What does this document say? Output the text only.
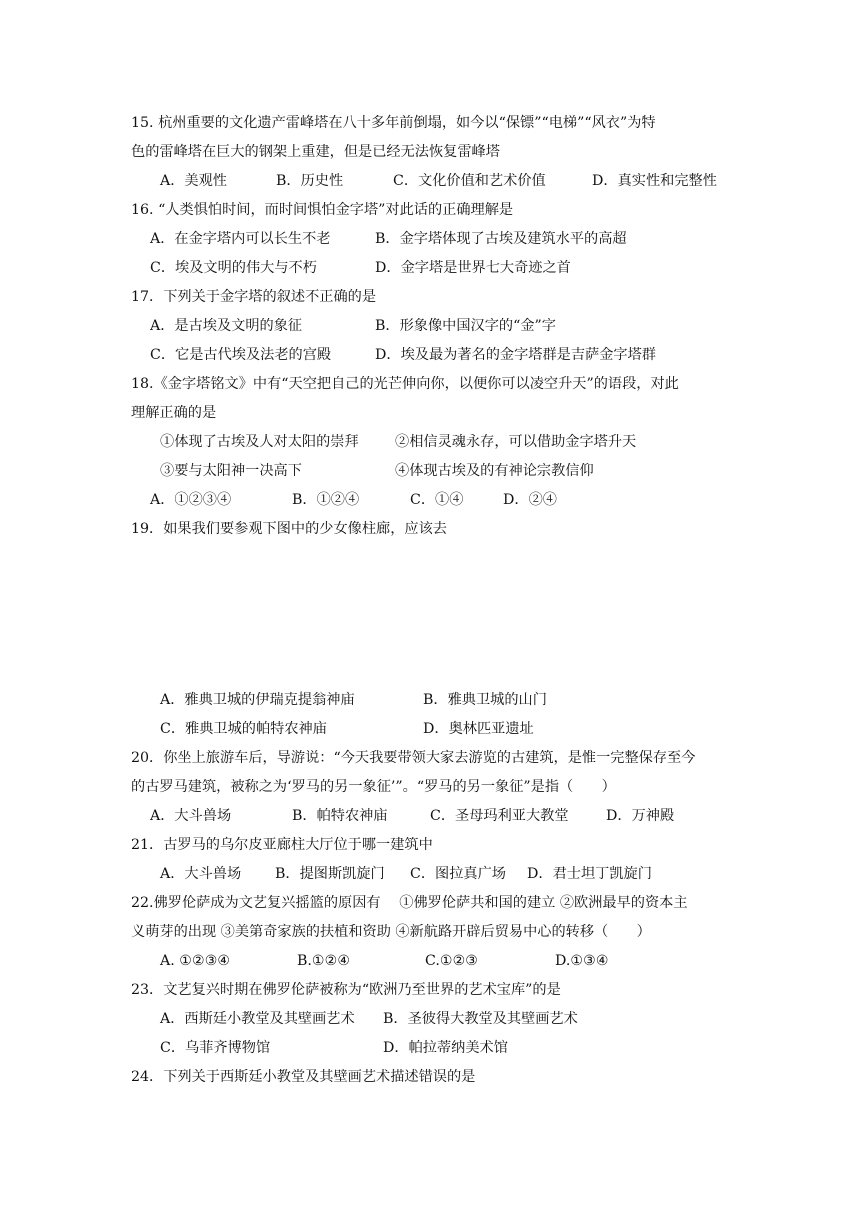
15. 杭州重要的文化遗产雷峰塔在八十多年前倒塌，如今以“保镖”“电梯”“风衣”为特
色的雷峰塔在巨大的钢架上重建，但是已经无法恢复雷峰塔
A．美观性	B．历史性	C．文化价值和艺术价值	D．真实性和完整性
16. “人类惧怕时间，而时间惧怕金字塔”对此话的正确理解是
A．在金字塔内可以长生不老	B．金字塔体现了古埃及建筑水平的高超
C．埃及文明的伟大与不朽	D．金字塔是世界七大奇迹之首
17．下列关于金字塔的叙述不正确的是
A．是古埃及文明的象征	B．形象像中国汉字的“金”字
C．它是古代埃及法老的宫殿	D．埃及最为著名的金字塔群是吉萨金字塔群
18.《金字塔铭文》中有“天空把自己的光芒伸向你，以便你可以凌空升天”的语段，对此
理解正确的是
①体现了古埃及人对太阳的崇拜	②相信灵魂永存，可以借助金字塔升天
③要与太阳神一决高下	④体现古埃及的有神论宗教信仰
A．①②③④	B．①②④	C．①④	D．②④
19．如果我们要参观下图中的少女像柱廊，应该去
A．雅典卫城的伊瑞克提翁神庙	B．雅典卫城的山门
C．雅典卫城的帕特农神庙	D．奥林匹亚遗址
20．你坐上旅游车后，导游说：“今天我要带领大家去游览的古建筑，是惟一完整保存至今
的古罗马建筑，被称之为‘罗马的另一象征’”。“罗马的另一象征”是指（　　）
A．大斗兽场	B．帕特农神庙	C．圣母玛利亚大教堂	D．万神殿
21．古罗马的乌尔皮亚廊柱大厅位于哪一建筑中
A．大斗兽场 B．提图斯凯旋门 C．图拉真广场 D．君士坦丁凯旋门
22.佛罗伦萨成为文艺复兴摇篮的原因有　 ①佛罗伦萨共和国的建立 ②欧洲最早的资本主
义萌芽的出现 ③美第奇家族的扶植和资助 ④新航路开辟后贸易中心的转移（　　）
A. ①②③④	B.①②④	C.①②③	D.①③④
23．文艺复兴时期在佛罗伦萨被称为“欧洲乃至世界的艺术宝库”的是
A．西斯廷小教堂及其壁画艺术 B．圣彼得大教堂及其壁画艺术
C．乌菲齐博物馆	D．帕拉蒂纳美术馆
24．下列关于西斯廷小教堂及其壁画艺术描述错误的是
